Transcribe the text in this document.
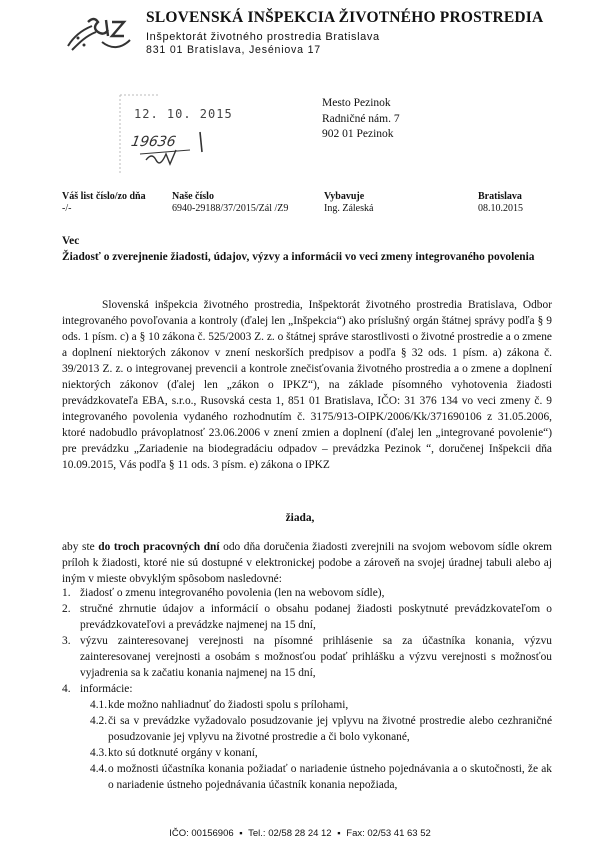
SLOVENSKÁ INŠPEKCIA ŽIVOTNÉHO PROSTREDIA
Inšpektorát životného prostredia Bratislava
831 01 Bratislava, Jeséniova 17
12. 10. 2015
19636
Mesto Pezinok
Radničné nám. 7
902 01 Pezinok
Váš list číslo/zo dňa
-/-
Naše číslo
6940-29188/37/2015/Zál /Z9
Vybavuje
Ing. Záleská
Bratislava
08.10.2015
Vec
Žiadosť o zverejnenie žiadosti, údajov, výzvy a informácii vo veci zmeny integrovaného povolenia
Slovenská inšpekcia životného prostredia, Inšpektorát životného prostredia Bratislava, Odbor integrovaného povoľovania a kontroly (ďalej len „Inšpekcia“) ako príslušný orgán štátnej správy podľa § 9 ods. 1 písm. c) a § 10 zákona č. 525/2003 Z. z. o štátnej správe starostlivosti o životné prostredie a o zmene a doplnení niektorých zákonov v znení neskorších predpisov a podľa § 32 ods. 1 písm. a) zákona č. 39/2013 Z. z. o integrovanej prevencii a kontrole znečisťovania životného prostredia a o zmene a doplnení niektorých zákonov (ďalej len „zákon o IPKZ“), na základe písomného vyhotovenia žiadosti prevádzkovateľa EBA, s.r.o., Rusovská cesta 1, 851 01 Bratislava, IČO: 31 376 134 vo veci zmeny č. 9 integrovaného povolenia vydaného rozhodnutím č. 3175/913-OIPK/2006/Kk/371690106 z 31.05.2006, ktoré nadobudlo právoplatnosť 23.06.2006 v znení zmien a doplnení (ďalej len „integrované povolenie“) pre prevádzku „Zariadenie na biodegradáciu odpadov – prevádzka Pezinok “, doručenej Inšpekcii dňa 10.09.2015, Vás podľa § 11 ods. 3 písm. e) zákona o IPKZ
žiada,
aby ste do troch pracovných dní odo dňa doručenia žiadosti zverejnili na svojom webovom sídle okrem príloh k žiadosti, ktoré nie sú dostupné v elektronickej podobe a zároveň na svojej úradnej tabuli alebo aj iným v mieste obvyklým spôsobom nasledovné:
1. žiadosť o zmenu integrovaného povolenia (len na webovom sídle),
2. stručné zhrnutie údajov a informácií o obsahu podanej žiadosti poskytnuté prevádzkovateľom o prevádzkovateľovi a prevádzke najmenej na 15 dní,
3. výzvu zainteresovanej verejnosti na písomné prihlásenie sa za účastníka konania, výzvu zainteresovanej verejnosti a osobám s možnosťou podať prihlášku a výzvu verejnosti s možnosťou vyjadrenia sa k začatiu konania najmenej na 15 dní,
4. informácie:
4.1. kde možno nahliadnuť do žiadosti spolu s prílohami,
4.2. či sa v prevádzke vyžadovalo posudzovanie jej vplyvu na životné prostredie alebo cezhraničné posudzovanie jej vplyvu na životné prostredie a či bolo vykonané,
4.3. kto sú dotknuté orgány v konaní,
4.4. o možnosti účastníka konania požiadať o nariadenie ústneho pojednávania a o skutočnosti, že ak o nariadenie ústneho pojednávania účastník konania nepožiada,
IČO: 00156906 ▪ Tel.: 02/58 28 24 12 ▪ Fax: 02/53 41 63 52
